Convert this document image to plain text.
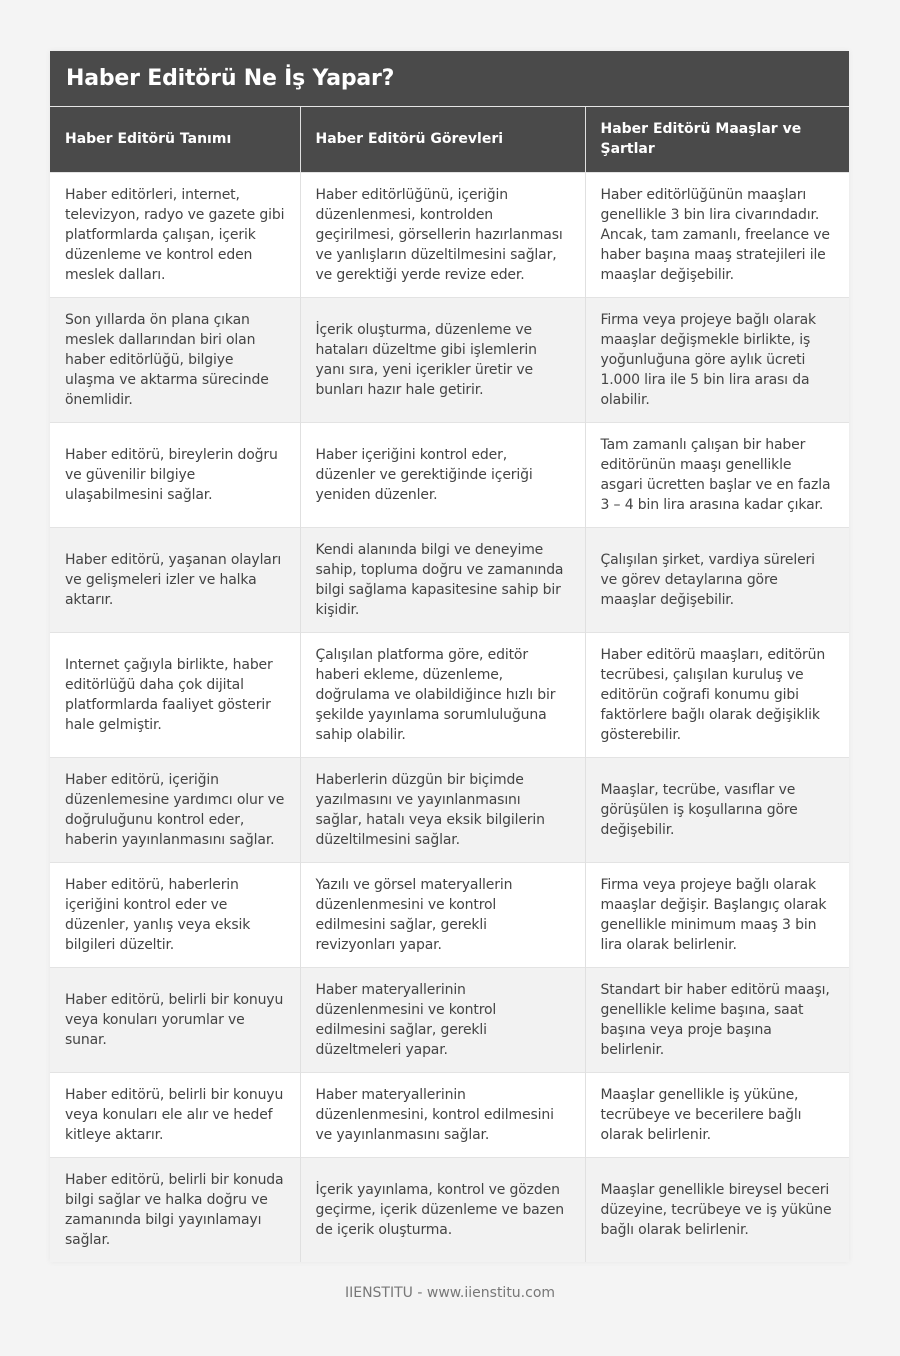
Haber Editörü Ne İş Yapar?
Haber Editörü Tanımı	Haber Editörü Görevleri	Haber Editörü Maaşlar ve Şartlar
Haber editörleri, internet, televizyon, radyo ve gazete gibi platformlarda çalışan, içerik düzenleme ve kontrol eden meslek dalları.	Haber editörlüğünü, içeriğin düzenlenmesi, kontrolden geçirilmesi, görsellerin hazırlanması ve yanlışların düzeltilmesini sağlar, ve gerektiği yerde revize eder.	Haber editörlüğünün maaşları genellikle 3 bin lira civarındadır. Ancak, tam zamanlı, freelance ve haber başına maaş stratejileri ile maaşlar değişebilir.
Son yıllarda ön plana çıkan meslek dallarından biri olan haber editörlüğü, bilgiye ulaşma ve aktarma sürecinde önemlidir.	İçerik oluşturma, düzenleme ve hataları düzeltme gibi işlemlerin yanı sıra, yeni içerikler üretir ve bunları hazır hale getirir.	Firma veya projeye bağlı olarak maaşlar değişmekle birlikte, iş yoğunluğuna göre aylık ücreti 1.000 lira ile 5 bin lira arası da olabilir.
Haber editörü, bireylerin doğru ve güvenilir bilgiye ulaşabilmesini sağlar.	Haber içeriğini kontrol eder, düzenler ve gerektiğinde içeriği yeniden düzenler.	Tam zamanlı çalışan bir haber editörünün maaşı genellikle asgari ücretten başlar ve en fazla 3 – 4 bin lira arasına kadar çıkar.
Haber editörü, yaşanan olayları ve gelişmeleri izler ve halka aktarır.	Kendi alanında bilgi ve deneyime sahip, topluma doğru ve zamanında bilgi sağlama kapasitesine sahip bir kişidir.	Çalışılan şirket, vardiya süreleri ve görev detaylarına göre maaşlar değişebilir.
Internet çağıyla birlikte, haber editörlüğü daha çok dijital platformlarda faaliyet gösterir hale gelmiştir.	Çalışılan platforma göre, editör haberi ekleme, düzenleme, doğrulama ve olabildiğince hızlı bir şekilde yayınlama sorumluluğuna sahip olabilir.	Haber editörü maaşları, editörün tecrübesi, çalışılan kuruluş ve editörün coğrafi konumu gibi faktörlere bağlı olarak değişiklik gösterebilir.
Haber editörü, içeriğin düzenlemesine yardımcı olur ve doğruluğunu kontrol eder, haberin yayınlanmasını sağlar.	Haberlerin düzgün bir biçimde yazılmasını ve yayınlanmasını sağlar, hatalı veya eksik bilgilerin düzeltilmesini sağlar.	Maaşlar, tecrübe, vasıflar ve görüşülen iş koşullarına göre değişebilir.
Haber editörü, haberlerin içeriğini kontrol eder ve düzenler, yanlış veya eksik bilgileri düzeltir.	Yazılı ve görsel materyallerin düzenlenmesini ve kontrol edilmesini sağlar, gerekli revizyonları yapar.	Firma veya projeye bağlı olarak maaşlar değişir. Başlangıç olarak genellikle minimum maaş 3 bin lira olarak belirlenir.
Haber editörü, belirli bir konuyu veya konuları yorumlar ve sunar.	Haber materyallerinin düzenlenmesini ve kontrol edilmesini sağlar, gerekli düzeltmeleri yapar.	Standart bir haber editörü maaşı, genellikle kelime başına, saat başına veya proje başına belirlenir.
Haber editörü, belirli bir konuyu veya konuları ele alır ve hedef kitleye aktarır.	Haber materyallerinin düzenlenmesini, kontrol edilmesini ve yayınlanmasını sağlar.	Maaşlar genellikle iş yüküne, tecrübeye ve becerilere bağlı olarak belirlenir.
Haber editörü, belirli bir konuda bilgi sağlar ve halka doğru ve zamanında bilgi yayınlamayı sağlar.	İçerik yayınlama, kontrol ve gözden geçirme, içerik düzenleme ve bazen de içerik oluşturma.	Maaşlar genellikle bireysel beceri düzeyine, tecrübeye ve iş yüküne bağlı olarak belirlenir.
IIENSTITU - www.iienstitu.com
